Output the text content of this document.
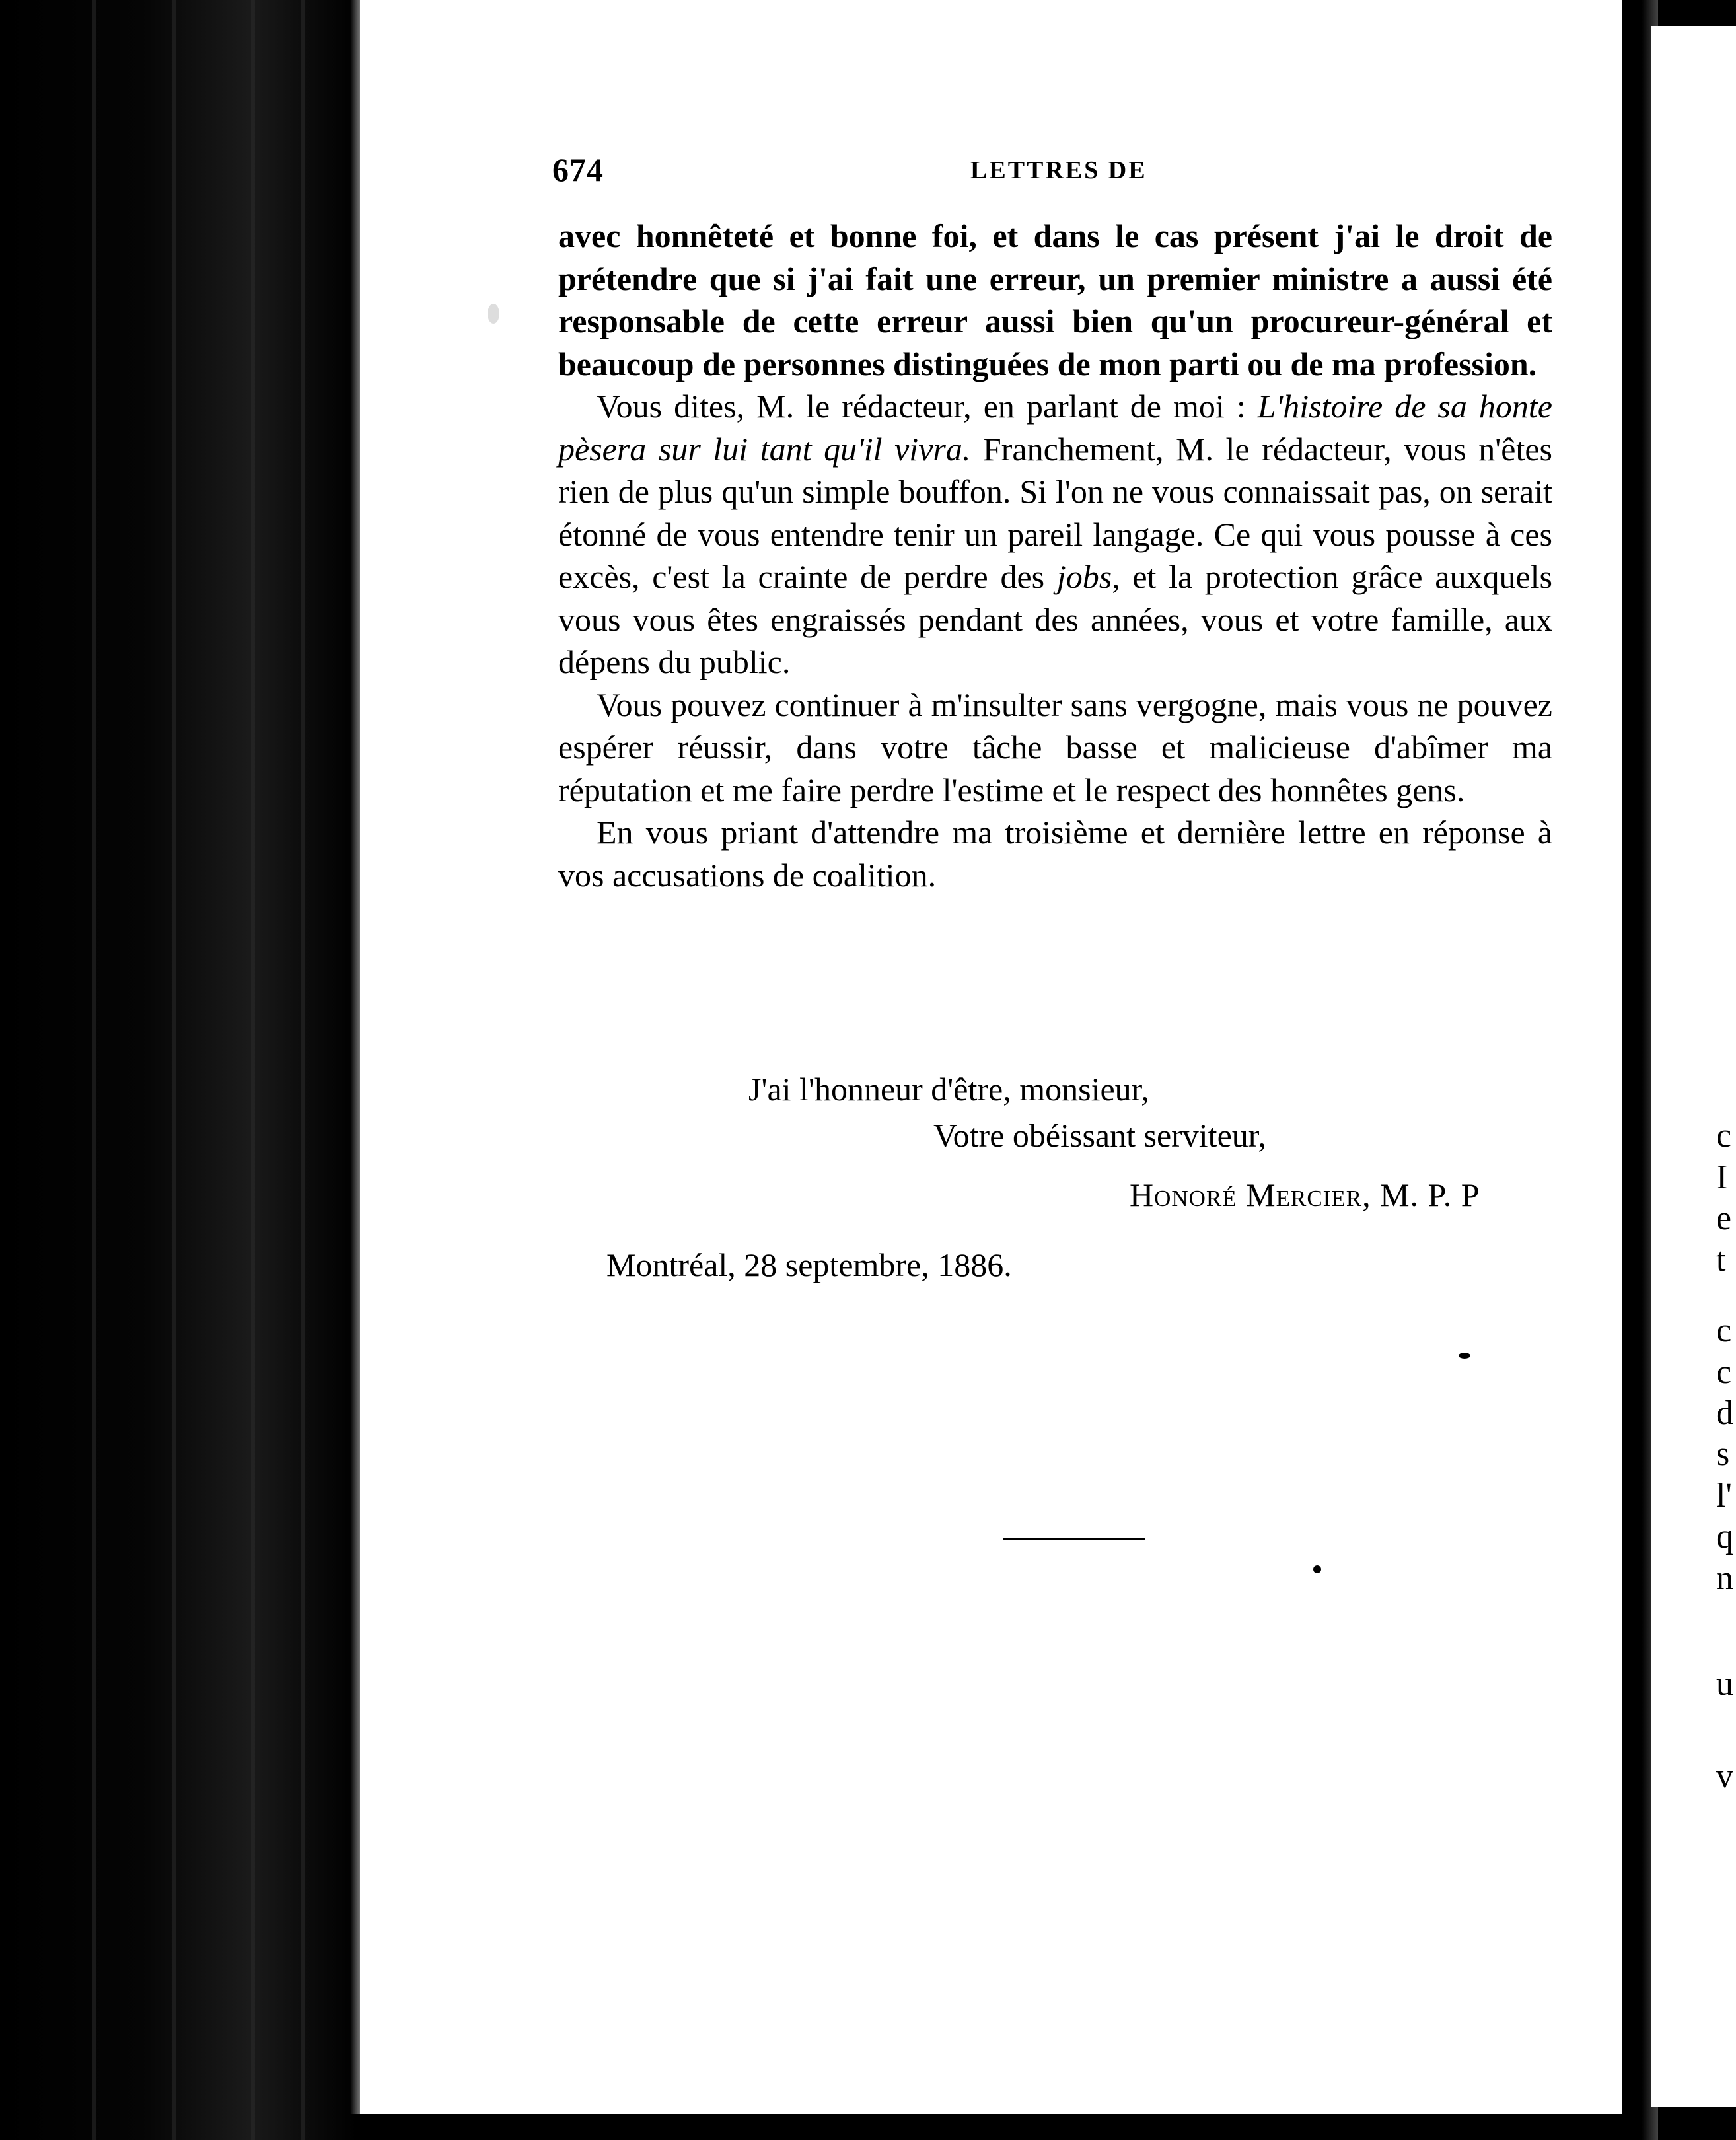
c
I
e
t
c
c
d
s
l'
q
n
u
v
674	LETTRES DE

avec honnêteté et bonne foi, et dans le cas présent j'ai le droit de prétendre que si j'ai fait une erreur, un premier ministre a aussi été responsable de cette erreur aussi bien qu'un procureur-général et beaucoup de personnes distinguées de mon parti ou de ma profession.

Vous dites, M. le rédacteur, en parlant de moi : L'histoire de sa honte pèsera sur lui tant qu'il vivra. Franchement, M. le rédacteur, vous n'êtes rien de plus qu'un simple bouffon. Si l'on ne vous connaissait pas, on serait étonné de vous entendre tenir un pareil langage. Ce qui vous pousse à ces excès, c'est la crainte de perdre des jobs, et la protection grâce auxquels vous vous êtes engraissés pendant des années, vous et votre famille, aux dépens du public.

Vous pouvez continuer à m'insulter sans vergogne, mais vous ne pouvez espérer réussir, dans votre tâche basse et malicieuse d'abîmer ma réputation et me faire perdre l'estime et le respect des honnêtes gens.

En vous priant d'attendre ma troisième et dernière lettre en réponse à vos accusations de coalition.

J'ai l'honneur d'être, monsieur,
Votre obéissant serviteur,
Honoré Mercier, M. P. P
Montréal, 28 septembre, 1886.
